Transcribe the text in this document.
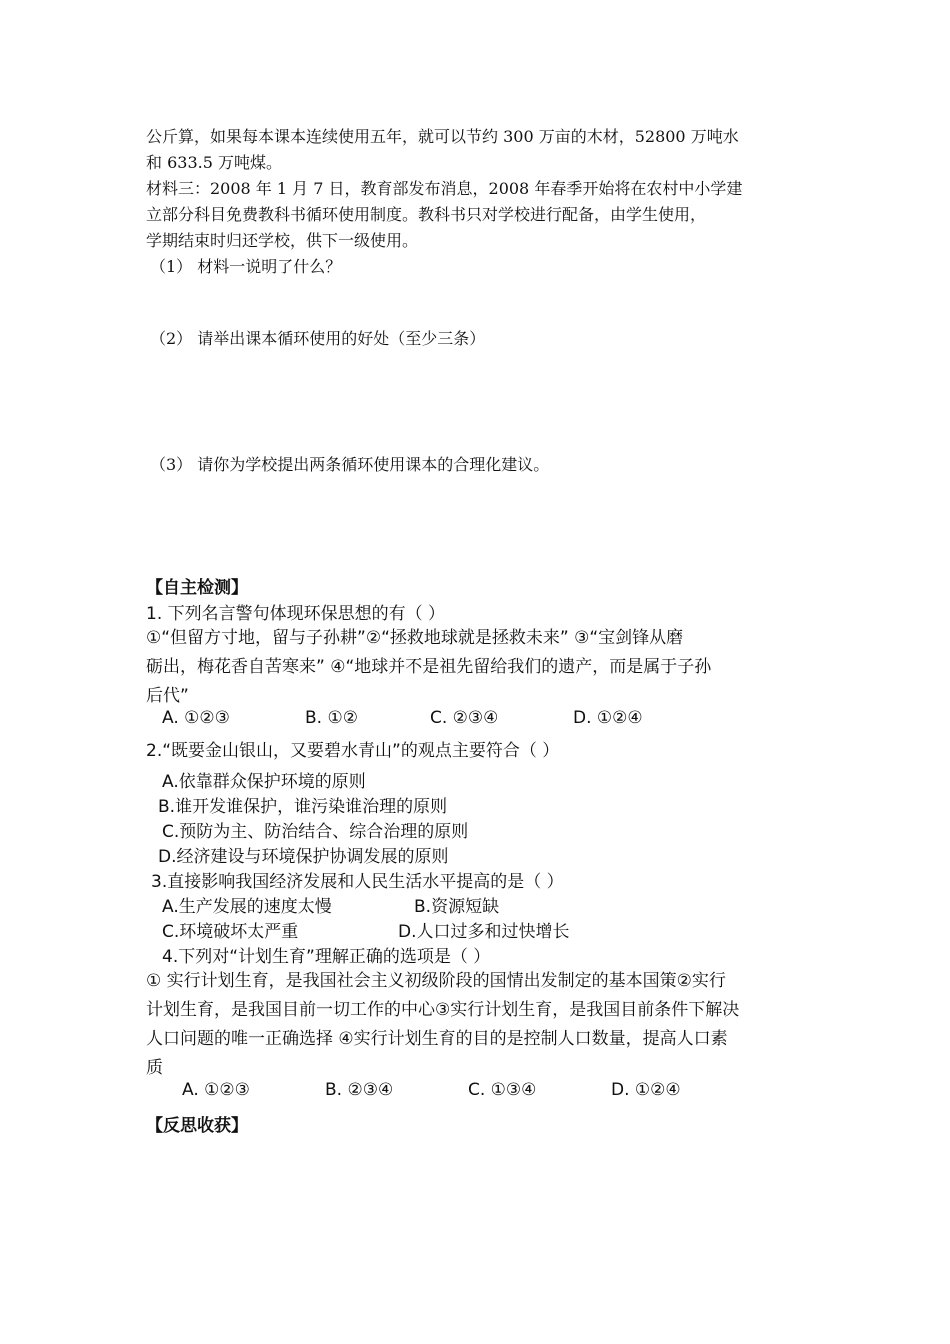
公斤算，如果每本课本连续使用五年，就可以节约 300 万亩的木材，52800 万吨水
和 633.5 万吨煤。
材料三：2008 年 1 月 7 日，教育部发布消息，2008 年春季开始将在农村中小学建
立部分科目免费教科书循环使用制度。教科书只对学校进行配备，由学生使用，
学期结束时归还学校，供下一级使用。
（1） 材料一说明了什么？
（2） 请举出课本循环使用的好处（至少三条）
（3） 请你为学校提出两条循环使用课本的合理化建议。
【自主检测】
1. 下列名言警句体现环保思想的有（ ）
①“但留方寸地，留与子孙耕”②“拯救地球就是拯救未来” ③“宝剑锋从磨
砺出，梅花香自苦寒来” ④“地球并不是祖先留给我们的遗产，而是属于子孙
后代”
A. ①②③	B. ①②	C. ②③④	D. ①②④
2.“既要金山银山，又要碧水青山”的观点主要符合（ ）
A.依靠群众保护环境的原则
B.谁开发谁保护，谁污染谁治理的原则
C.预防为主、防治结合、综合治理的原则
D.经济建设与环境保护协调发展的原则
3.直接影响我国经济发展和人民生活水平提高的是（ ）
A.生产发展的速度太慢	B.资源短缺
C.环境破坏太严重	D.人口过多和过快增长
4.下列对“计划生育”理解正确的选项是（ ）
① 实行计划生育，是我国社会主义初级阶段的国情出发制定的基本国策②实行
计划生育，是我国目前一切工作的中心③实行计划生育，是我国目前条件下解决
人口问题的唯一正确选择 ④实行计划生育的目的是控制人口数量，提高人口素
质
A. ①②③	B. ②③④	C. ①③④	D. ①②④
【反思收获】
